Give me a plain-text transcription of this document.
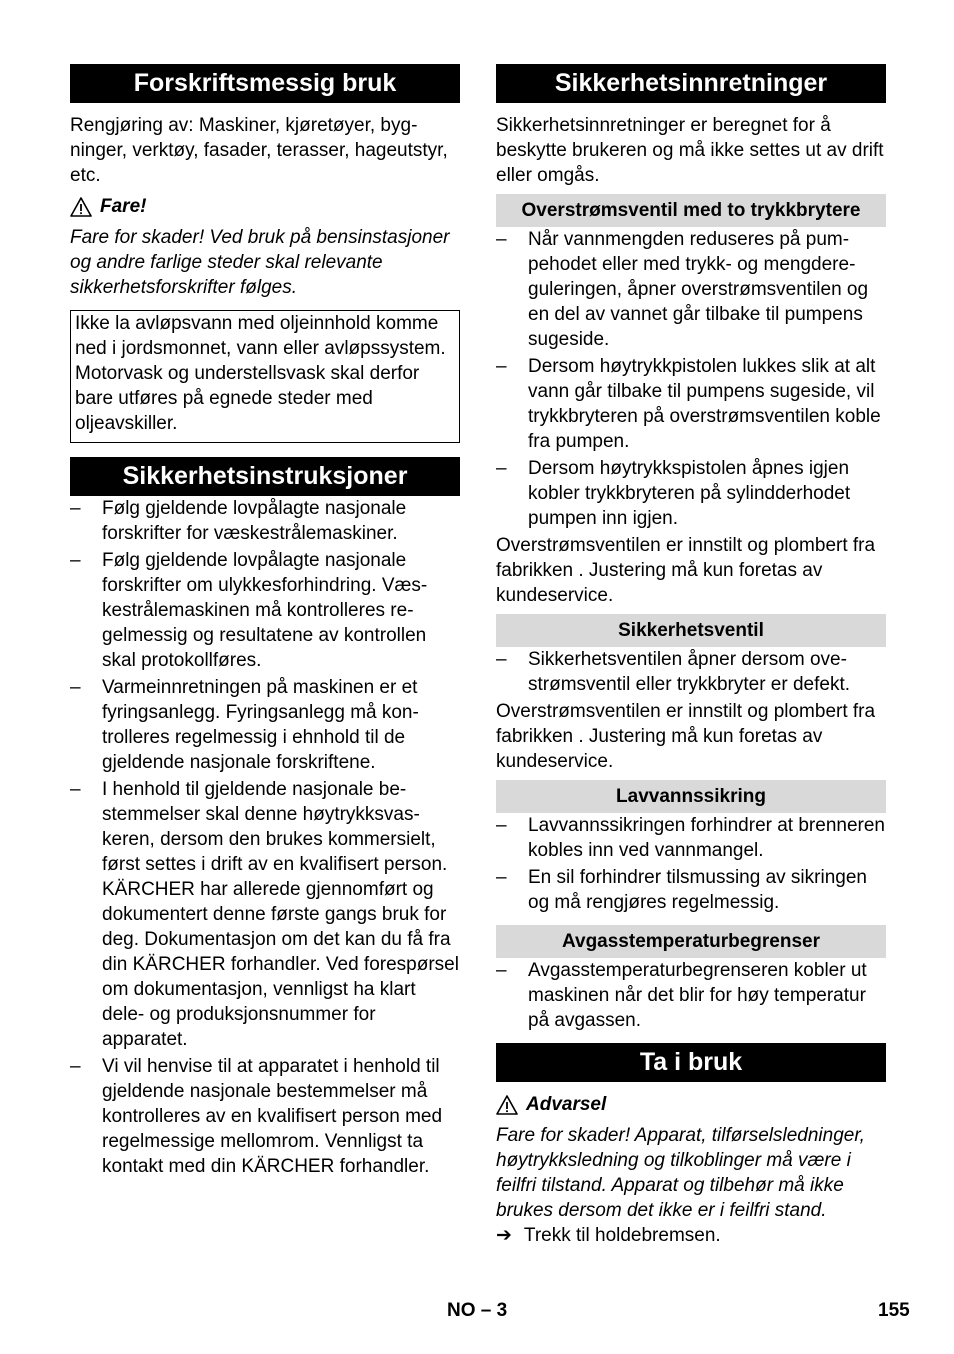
Forskriftsmessig bruk

Rengjøring av: Maskiner, kjøretøyer, bygninger, verktøy, fasader, terasser, hageutstyr, etc.

Fare!

Fare for skader! Ved bruk på bensinstasjoner og andre farlige steder skal relevante sikkerhetsforskrifter følges.

Ikke la avløpsvann med oljeinnhold komme ned i jordsmonnet, vann eller avløpssystem. Motorvask og understellsvask skal derfor bare utføres på egnede steder med oljeavskiller.

Sikkerhetsinstruksjoner
– Følg gjeldende lovpålagte nasjonale forskrifter for væskestrålemaskiner.
– Følg gjeldende lovpålagte nasjonale forskrifter om ulykkesforhindring. Væskestrålemaskinen må kontrolleres regelmessig og resultatene av kontrollen skal protokollføres.
– Varmeinnretningen på maskinen er et fyringsanlegg. Fyringsanlegg må kontrolleres regelmessig i ehnhold til de gjeldende nasjonale forskriftene.
– I henhold til gjeldende nasjonale bestemmelser skal denne høytrykksvaskeren, dersom den brukes kommersielt, først settes i drift av en kvalifisert person. KÄRCHER har allerede gjennomført og dokumentert denne første gangs bruk for deg. Dokumentasjon om det kan du få fra din KÄRCHER forhandler. Ved forespørsel om dokumentasjon, vennligst ha klart dele- og produksjonsnummer for apparatet.
– Vi vil henvise til at apparatet i henhold til gjeldende nasjonale bestemmelser må kontrolleres av en kvalifisert person med regelmessige mellomrom. Vennligst ta kontakt med din KÄRCHER forhandler.
Sikkerhetsinnretninger

Sikkerhetsinnretninger er beregnet for å beskytte brukeren og må ikke settes ut av drift eller omgås.

Overstrømsventil med to trykkbrytere
– Når vannmengden reduseres på pumpehodet eller med trykk- og mengdereguleringen, åpner overstrømsventilen og en del av vannet går tilbake til pumpens sugeside.
– Dersom høytrykkpistolen lukkes slik at alt vann går tilbake til pumpens sugeside, vil trykkbryteren på overstrømsventilen koble fra pumpen.
– Dersom høytrykkspistolen åpnes igjen kobler trykkbryteren på sylindderhodet pumpen inn igjen.

Overstrømsventilen er innstilt og plombert fra fabrikken . Justering må kun foretas av kundeservice.

Sikkerhetsventil
– Sikkerhetsventilen åpner dersom ovestrømsventil eller trykkbryter er defekt.

Overstrømsventilen er innstilt og plombert fra fabrikken . Justering må kun foretas av kundeservice.

Lavvannssikring
– Lavvannssikringen forhindrer at brenneren kobles inn ved vannmangel.
– En sil forhindrer tilsmussing av sikringen og må rengjøres regelmessig.
Avgasstemperaturbegrenser
– Avgasstemperaturbegrenseren kobler ut maskinen når det blir for høy temperatur på avgassen.
Ta i bruk
Advarsel

Fare for skader! Apparat, tilførselsledninger, høytrykksledning og tilkoblinger må være i feilfri tilstand. Apparat og tilbehør må ikke brukes dersom det ikke er i feilfri stand.

➔ Trekk til holdebremsen.
NO – 3	155
